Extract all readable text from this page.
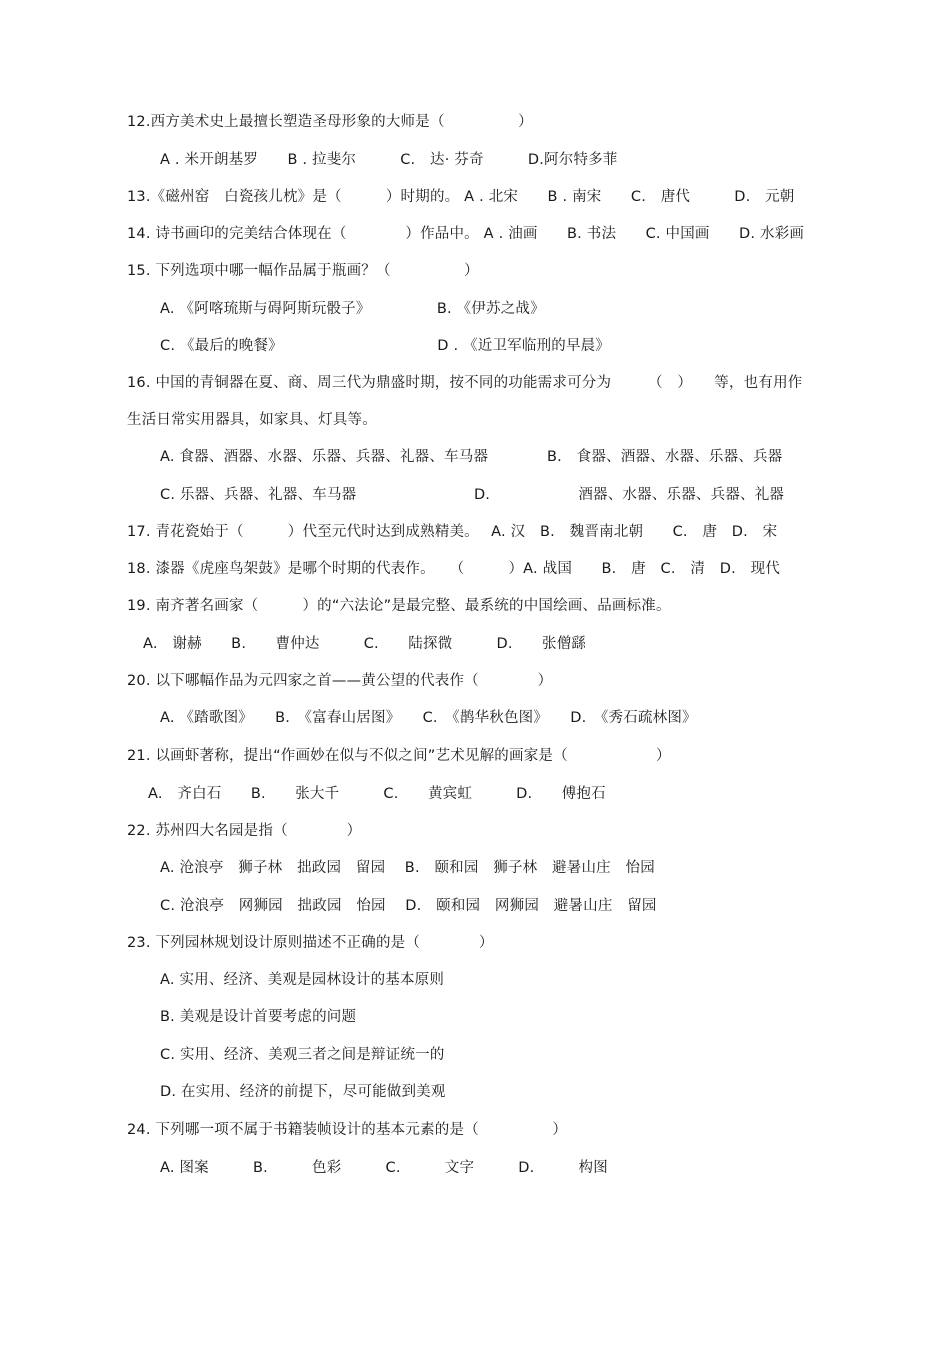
12.西方美术史上最擅长塑造圣母形象的大师是（　　　　　）
A . 米开朗基罗　　B . 拉斐尔　　　C.　达· 芬奇　　　D.阿尔特多菲
13.《磁州窑　白瓷孩儿枕》是（　　　）时期的。 A . 北宋　　B . 南宋　　C.　唐代　　　D.　元朝
14. 诗书画印的完美结合体现在（　　　　）作品中。 A . 油画　　B. 书法　　C. 中国画　　D. 水彩画
15. 下列选项中哪一幅作品属于瓶画？（　　　　　）
A. 《阿喀琉斯与碍阿斯玩骰子》　　　　　B. 《伊苏之战》
C. 《最后的晚餐》　　　　　　　　　　　D . 《近卫军临刑的早晨》
16. 中国的青铜器在夏、商、周三代为鼎盛时期，按不同的功能需求可分为　　　（　）　　等，也有用作
生活日常实用器具，如家具、灯具等。
A. 食器、酒器、水器、乐器、兵器、礼器、车马器　　　　B.　食器、酒器、水器、乐器、兵器
C. 乐器、兵器、礼器、车马器　　　　　　　　D.　　　　　　酒器、水器、乐器、兵器、礼器
17. 青花瓷始于（　　　）代至元代时达到成熟精美。　 A. 汉　B.　魏晋南北朝　　C.　唐　D.　宋
18. 漆器《虎座鸟架鼓》是哪个时期的代表作。　　（　　　）A. 战国　　B.　唐　C.　清　D.　现代
19. 南齐著名画家（　　　）的“六法论”是最完整、最系统的中国绘画、品画标准。
A.　谢赫　　B.　　曹仲达　　　C.　　陆探微　　　D.　　张僧繇
20. 以下哪幅作品为元四家之首——黄公望的代表作（　　　　）
A. 《踏歌图》　　B.　《富春山居图》　　C.　《鹊华秋色图》　　D.　《秀石疏林图》
21. 以画虾著称，提出“作画妙在似与不似之间”艺术见解的画家是（　　　　　　）
A.　齐白石　　B.　　张大千　　　C.　　黄宾虹　　　D.　　傅抱石
22. 苏州四大名园是指（　　　　）
A. 沧浪亭　狮子林　拙政园　留园　 B.　颐和园　狮子林　避暑山庄　怡园
C. 沧浪亭　网狮园　拙政园　怡园　 D.　颐和园　网狮园　避暑山庄　留园
23. 下列园林规划设计原则描述不正确的是（　　　　）
A. 实用、经济、美观是园林设计的基本原则
B. 美观是设计首要考虑的问题
C. 实用、经济、美观三者之间是辩证统一的
D. 在实用、经济的前提下，尽可能做到美观
24. 下列哪一项不属于书籍装帧设计的基本元素的是（　　　　　）
A. 图案　　　B.　　　色彩　　　C.　　　文字　　　D.　　　构图
